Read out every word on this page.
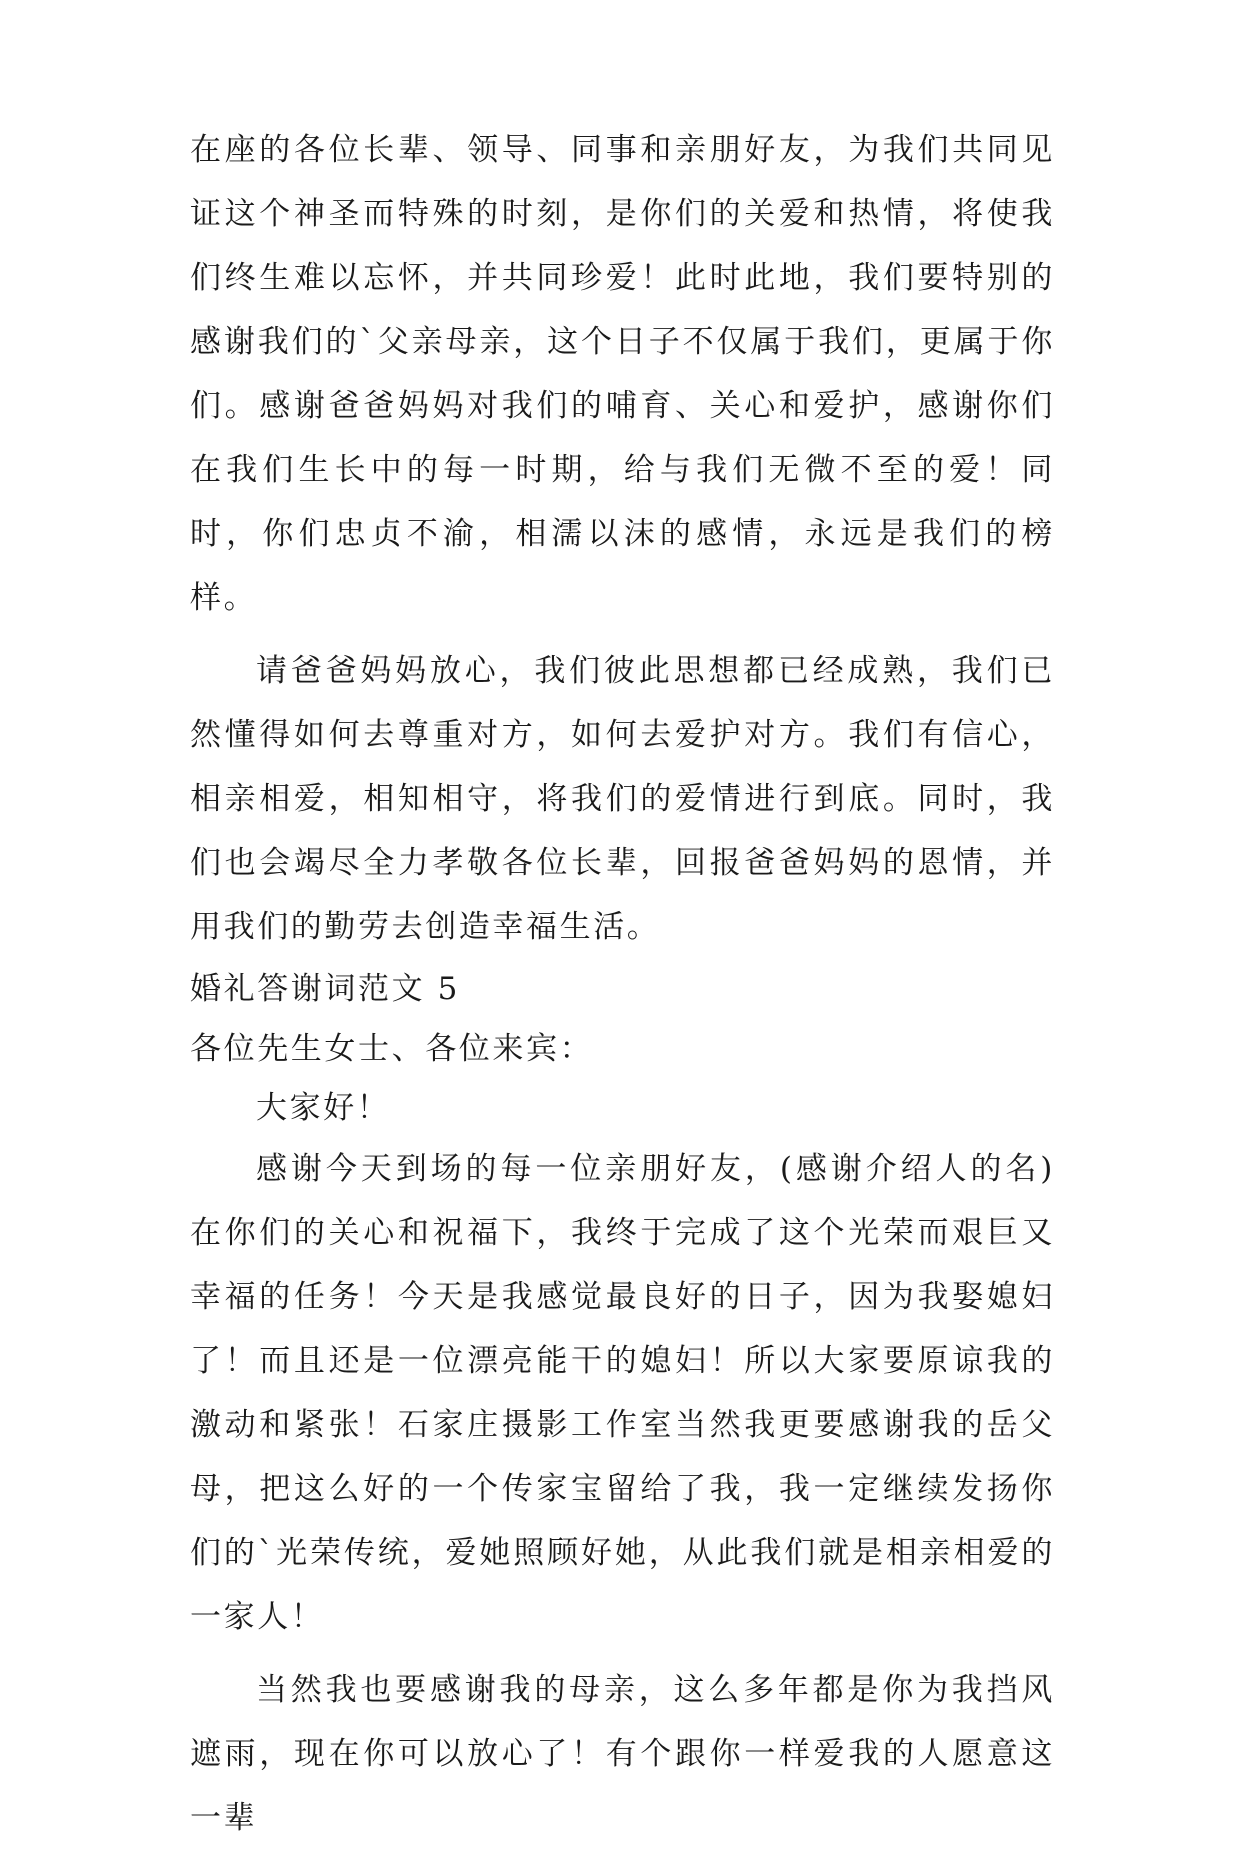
在座的各位长辈、领导、同事和亲朋好友，为我们共同见证这个神圣而特殊的时刻，是你们的关爱和热情，将使我们终生难以忘怀，并共同珍爱！此时此地，我们要特别的感谢我们的`父亲母亲，这个日子不仅属于我们，更属于你们。感谢爸爸妈妈对我们的哺育、关心和爱护，感谢你们在我们生长中的每一时期，给与我们无微不至的爱！同时，你们忠贞不渝，相濡以沫的感情，永远是我们的榜样。

请爸爸妈妈放心，我们彼此思想都已经成熟，我们已然懂得如何去尊重对方，如何去爱护对方。我们有信心，相亲相爱，相知相守，将我们的爱情进行到底。同时，我们也会竭尽全力孝敬各位长辈，回报爸爸妈妈的恩情，并用我们的勤劳去创造幸福生活。

婚礼答谢词范文 5

各位先生女士、各位来宾：

大家好！

感谢今天到场的每一位亲朋好友，(感谢介绍人的名)在你们的关心和祝福下，我终于完成了这个光荣而艰巨又幸福的任务！今天是我感觉最良好的日子，因为我娶媳妇了！而且还是一位漂亮能干的媳妇！所以大家要原谅我的激动和紧张！石家庄摄影工作室当然我更要感谢我的岳父母，把这么好的一个传家宝留给了我，我一定继续发扬你们的`光荣传统，爱她照顾好她，从此我们就是相亲相爱的一家人！

当然我也要感谢我的母亲，这么多年都是你为我挡风遮雨，现在你可以放心了！有个跟你一样爱我的人愿意这一辈
